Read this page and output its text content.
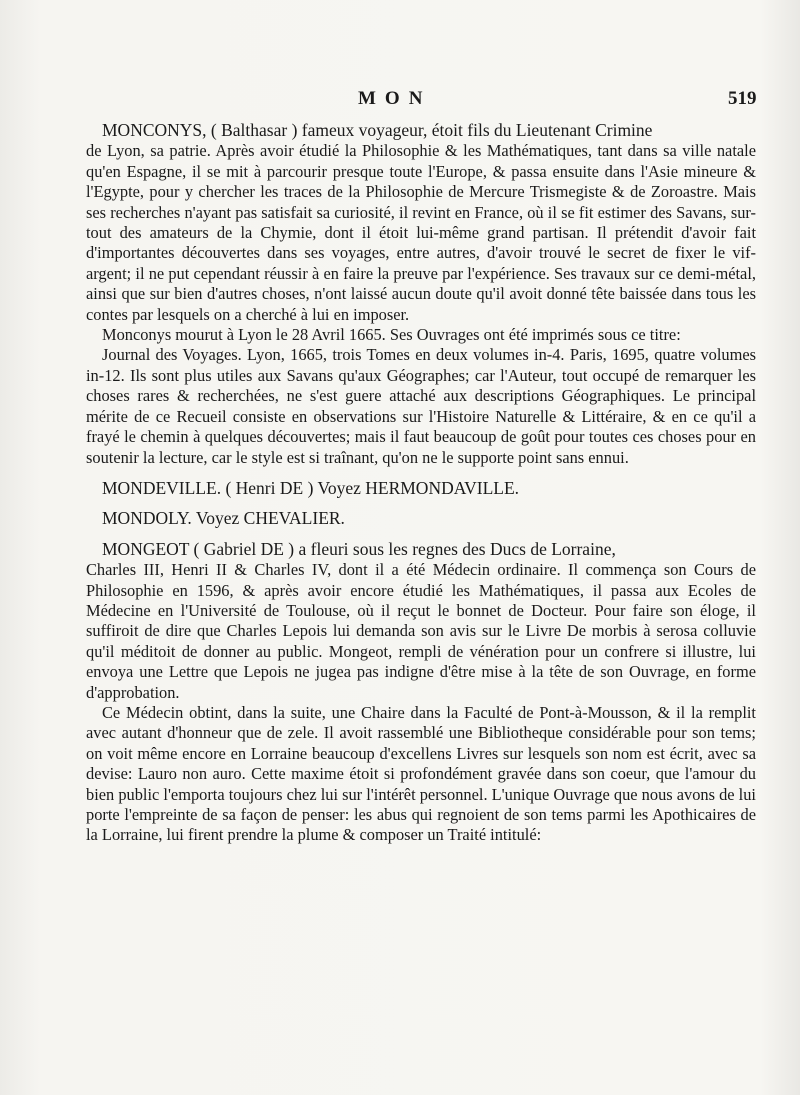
MON	519

MONCONYS, ( Balthasar ) fameux voyageur, étoit fils du Lieutenant Crimine

de Lyon, sa patrie. Après avoir étudié la Philosophie & les Mathématiques, tant dans sa ville natale qu'en Espagne, il se mit à parcourir presque toute l'Europe, & passa ensuite dans l'Asie mineure & l'Egypte, pour y chercher les traces de la Philosophie de Mercure Trismegiste & de Zoroastre. Mais ses recherches n'ayant pas satisfait sa curiosité, il revint en France, où il se fit estimer des Savans, sur-tout des amateurs de la Chymie, dont il étoit lui-même grand partisan. Il prétendit d'avoir fait d'importantes découvertes dans ses voyages, entre autres, d'avoir trouvé le secret de fixer le vif-argent; il ne put cependant réussir à en faire la preuve par l'expérience. Ses travaux sur ce demi-métal, ainsi que sur bien d'autres choses, n'ont laissé aucun doute qu'il avoit donné tête baissée dans tous les contes par lesquels on a cherché à lui en imposer.

Monconys mourut à Lyon le 28 Avril 1665. Ses Ouvrages ont été imprimés sous ce titre:

Journal des Voyages. Lyon, 1665, trois Tomes en deux volumes in-4. Paris, 1695, quatre volumes in-12. Ils sont plus utiles aux Savans qu'aux Géographes; car l'Auteur, tout occupé de remarquer les choses rares & recherchées, ne s'est guere attaché aux descriptions Géographiques. Le principal mérite de ce Recueil consiste en observations sur l'Histoire Naturelle & Littéraire, & en ce qu'il a frayé le chemin à quelques découvertes; mais il faut beaucoup de goût pour toutes ces choses pour en soutenir la lecture, car le style est si traînant, qu'on ne le supporte point sans ennui.

MONDEVILLE. ( Henri DE ) Voyez HERMONDAVILLE.

MONDOLY. Voyez CHEVALIER.

MONGEOT ( Gabriel DE ) a fleuri sous les regnes des Ducs de Lorraine,

Charles III, Henri II & Charles IV, dont il a été Médecin ordinaire. Il commença son Cours de Philosophie en 1596, & après avoir encore étudié les Mathématiques, il passa aux Ecoles de Médecine en l'Université de Toulouse, où il reçut le bonnet de Docteur. Pour faire son éloge, il suffiroit de dire que Charles Lepois lui demanda son avis sur le Livre De morbis à serosa colluvie qu'il méditoit de donner au public. Mongeot, rempli de vénération pour un confrere si illustre, lui envoya une Lettre que Lepois ne jugea pas indigne d'être mise à la tête de son Ouvrage, en forme d'approbation.

Ce Médecin obtint, dans la suite, une Chaire dans la Faculté de Pont-à-Mousson, & il la remplit avec autant d'honneur que de zele. Il avoit rassemblé une Bibliotheque considérable pour son tems; on voit même encore en Lorraine beaucoup d'excellens Livres sur lesquels son nom est écrit, avec sa devise: Lauro non auro. Cette maxime étoit si profondément gravée dans son coeur, que l'amour du bien public l'emporta toujours chez lui sur l'intérêt personnel. L'unique Ouvrage que nous avons de lui porte l'empreinte de sa façon de penser: les abus qui regnoient de son tems parmi les Apothicaires de la Lorraine, lui firent prendre la plume & composer un Traité intitulé:
